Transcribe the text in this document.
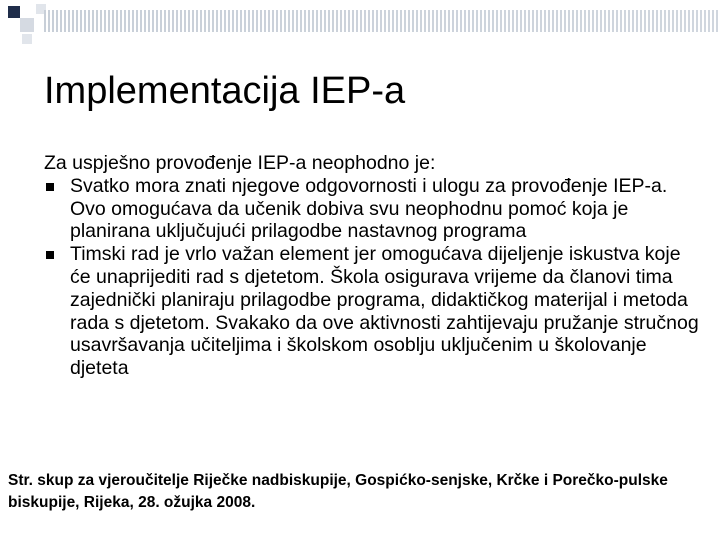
Implementacija IEP-a

Za uspješno provođenje IEP-a neophodno je:

Svatko mora znati njegove odgovornosti i ulogu za provođenje IEP-a. Ovo omogućava da učenik dobiva svu neophodnu pomoć koja je planirana uključujući prilagodbe nastavnog programa
Timski rad je vrlo važan element jer omogućava dijeljenje iskustva koje će unaprijediti rad s djetetom. Škola osigurava vrijeme da članovi tima zajednički planiraju prilagodbe programa, didaktičkog materijal i metoda rada s djetetom. Svakako da ove aktivnosti zahtijevaju pružanje stručnog usavršavanja učiteljima i školskom osoblju uključenim u školovanje djeteta

Str. skup za vjeroučitelje Riječke nadbiskupije, Gospićko-senjske, Krčke i Porečko-pulske biskupije, Rijeka, 28. ožujka 2008.
